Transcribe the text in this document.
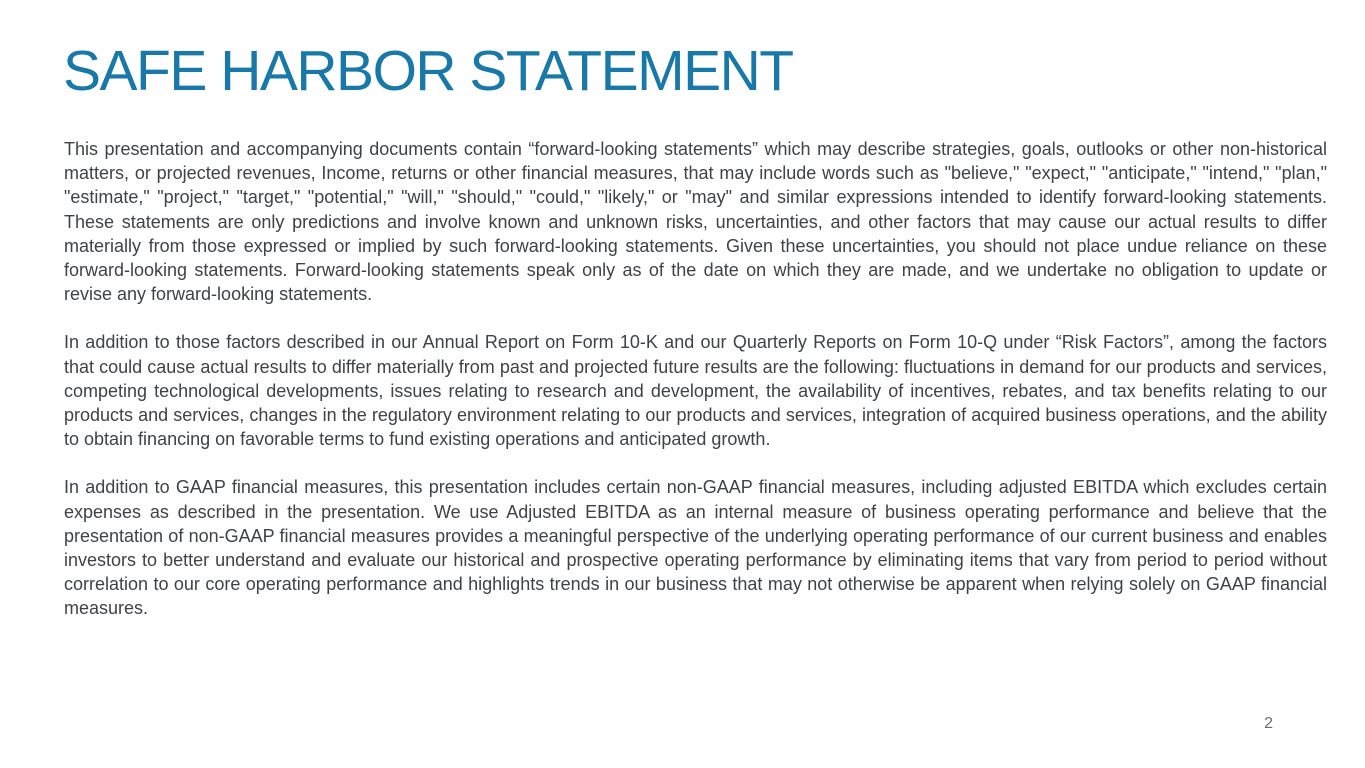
SAFE HARBOR STATEMENT

This presentation and accompanying documents contain “forward-looking statements” which may describe strategies, goals, outlooks or other non-historical matters, or projected revenues, Income, returns or other financial measures, that may include words such as "believe," "expect," "anticipate," "intend," "plan," "estimate," "project," "target," "potential," "will," "should," "could," "likely," or "may" and similar expressions intended to identify forward-looking statements. These statements are only predictions and involve known and unknown risks, uncertainties, and other factors that may cause our actual results to differ materially from those expressed or implied by such forward-looking statements. Given these uncertainties, you should not place undue reliance on these forward-looking statements. Forward-looking statements speak only as of the date on which they are made, and we undertake no obligation to update or revise any forward-looking statements.

In addition to those factors described in our Annual Report on Form 10-K and our Quarterly Reports on Form 10-Q under “Risk Factors”, among the factors that could cause actual results to differ materially from past and projected future results are the following: fluctuations in demand for our products and services, competing technological developments, issues relating to research and development, the availability of incentives, rebates, and tax benefits relating to our products and services, changes in the regulatory environment relating to our products and services, integration of acquired business operations, and the ability to obtain financing on favorable terms to fund existing operations and anticipated growth.

In addition to GAAP financial measures, this presentation includes certain non-GAAP financial measures, including adjusted EBITDA which excludes certain expenses as described in the presentation. We use Adjusted EBITDA as an internal measure of business operating performance and believe that the presentation of non-GAAP financial measures provides a meaningful perspective of the underlying operating performance of our current business and enables investors to better understand and evaluate our historical and prospective operating performance by eliminating items that vary from period to period without correlation to our core operating performance and highlights trends in our business that may not otherwise be apparent when relying solely on GAAP financial measures.

2
